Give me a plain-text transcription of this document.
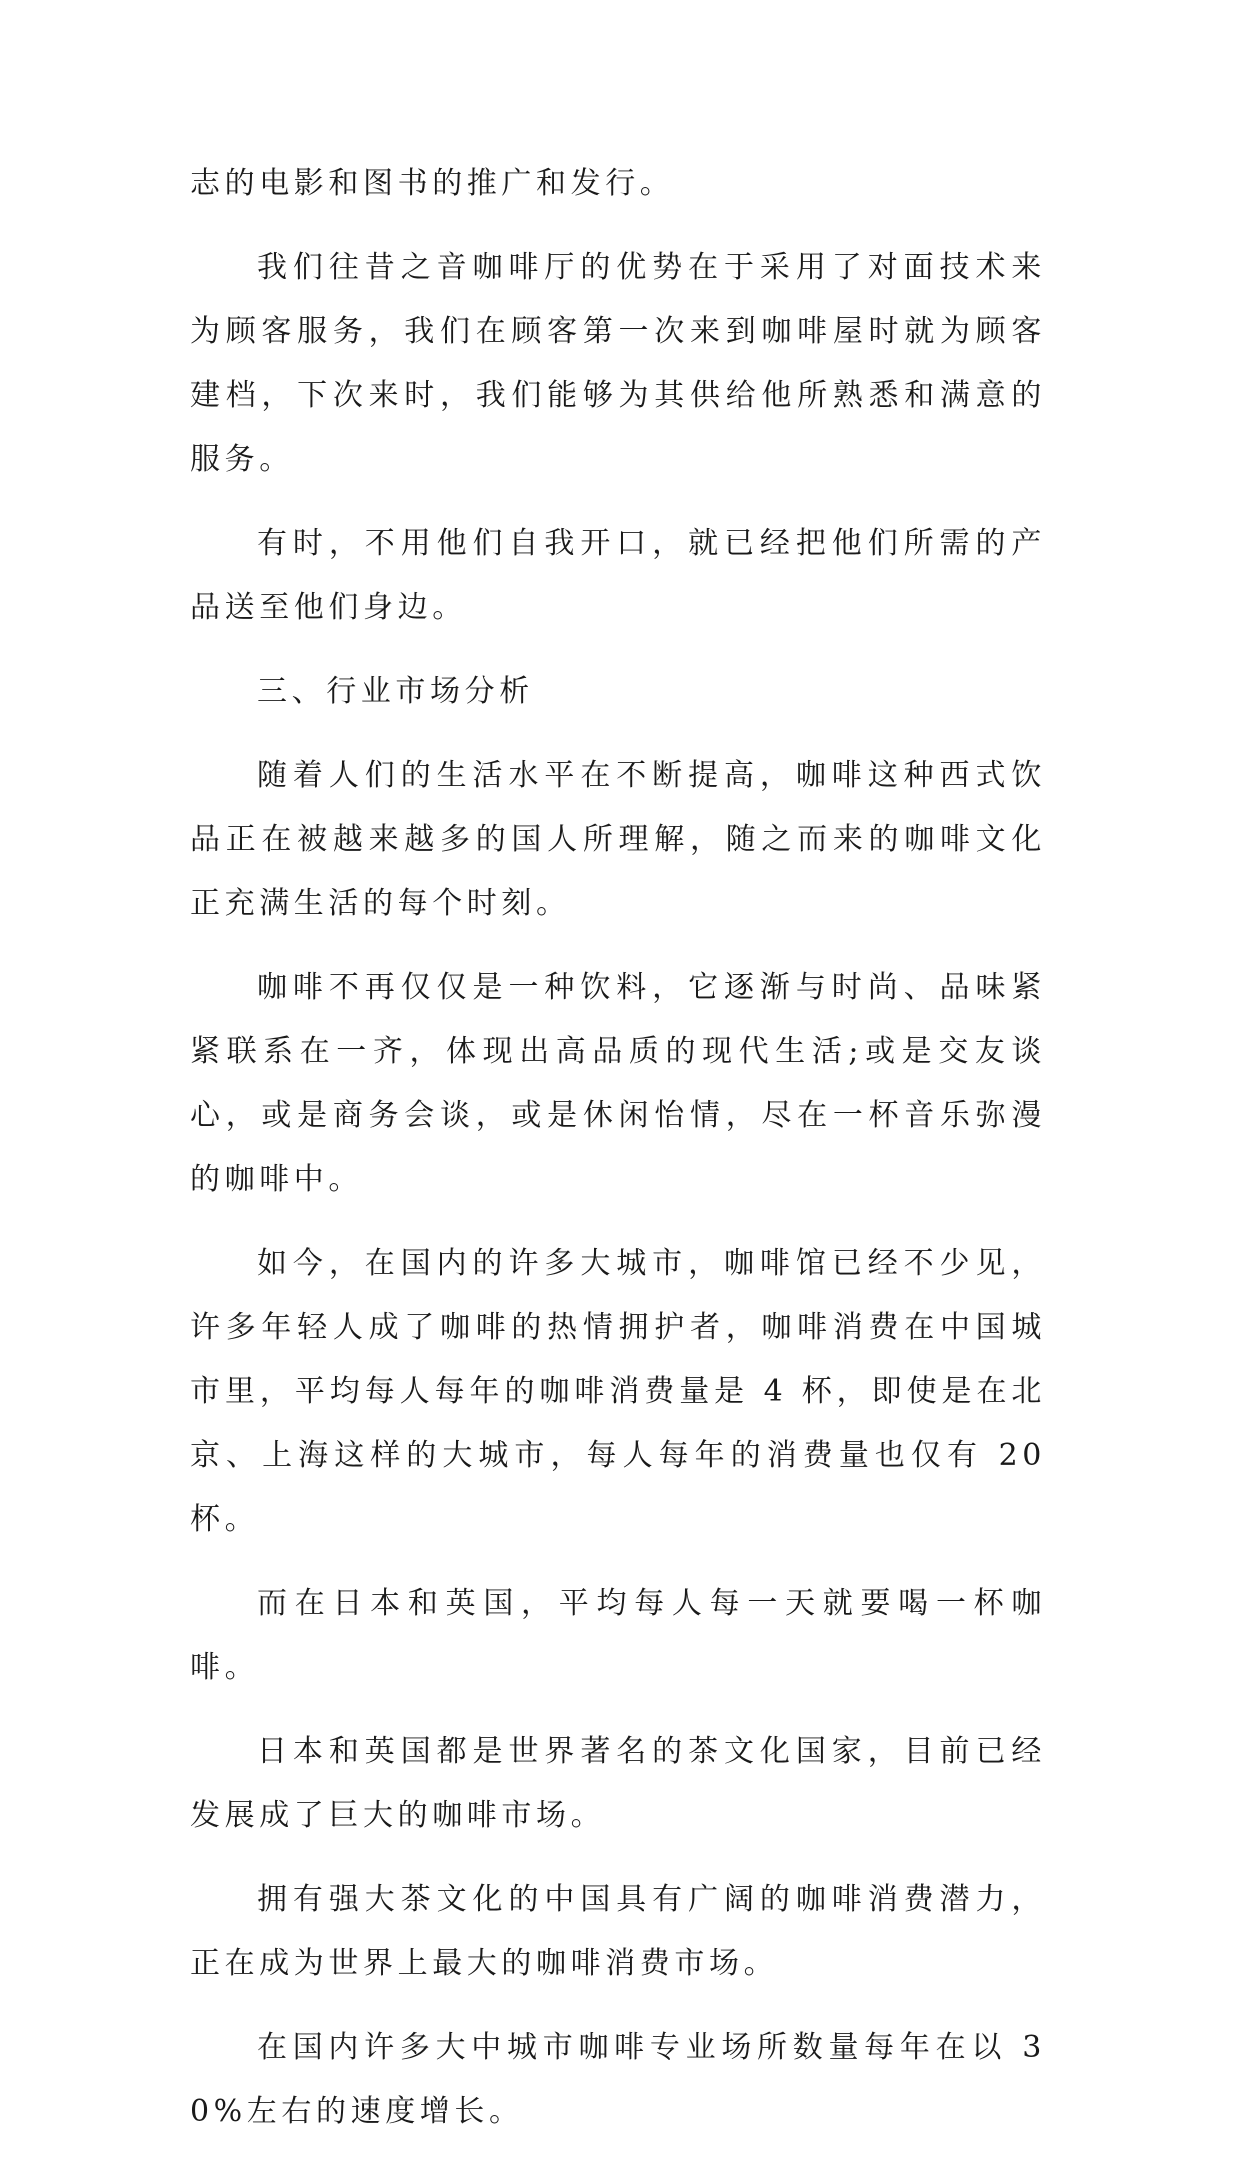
志的电影和图书的推广和发行。

我们往昔之音咖啡厅的优势在于采用了对面技术来为顾客服务，我们在顾客第一次来到咖啡屋时就为顾客建档，下次来时，我们能够为其供给他所熟悉和满意的服务。

有时，不用他们自我开口，就已经把他们所需的产品送至他们身边。

三、行业市场分析

随着人们的生活水平在不断提高，咖啡这种西式饮品正在被越来越多的国人所理解，随之而来的咖啡文化正充满生活的每个时刻。

咖啡不再仅仅是一种饮料，它逐渐与时尚、品味紧紧联系在一齐，体现出高品质的现代生活;或是交友谈心，或是商务会谈，或是休闲怡情，尽在一杯音乐弥漫的咖啡中。

如今，在国内的许多大城市，咖啡馆已经不少见，许多年轻人成了咖啡的热情拥护者，咖啡消费在中国城市里，平均每人每年的咖啡消费量是 4 杯，即使是在北京、上海这样的大城市，每人每年的消费量也仅有 20 杯。

而在日本和英国，平均每人每一天就要喝一杯咖啡。

日本和英国都是世界著名的茶文化国家，目前已经发展成了巨大的咖啡市场。

拥有强大茶文化的中国具有广阔的咖啡消费潜力，正在成为世界上最大的咖啡消费市场。

在国内许多大中城市咖啡专业场所数量每年在以 30%左右的速度增长。
